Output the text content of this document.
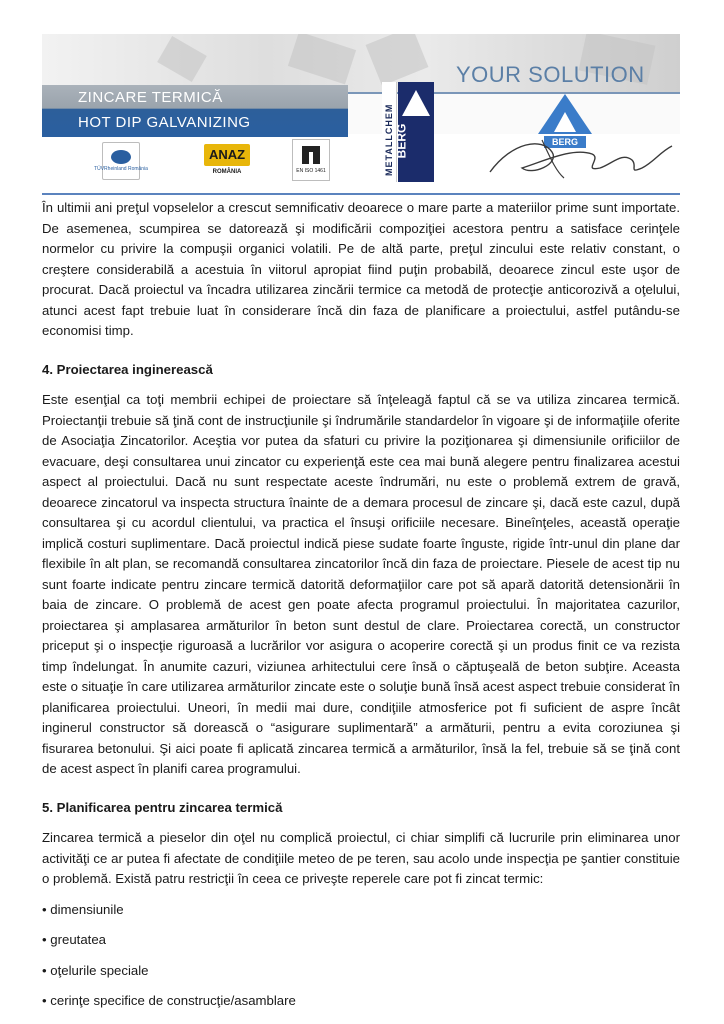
YOUR SOLUTION
ZINCARE TERMICĂ
HOT DIP GALVANIZING
TÜVRheinland România
ANAZ
ROMÂNIA	EN ISO 1461	METALLCHEM BERG	BERG

În ultimii ani preţul vopselelor a crescut semnificativ deoarece o mare parte a materiilor prime sunt importate. De asemenea, scumpirea se datorează şi modificării compoziţiei acestora pentru a satisface cerinţele normelor cu privire la compuşii organici volatili. Pe de altă parte, preţul zincului este relativ constant, o creştere considerabilă a acestuia în viitorul apropiat fiind puţin probabilă, deoarece zincul este uşor de procurat. Dacă proiectul va încadra utilizarea zincării termice ca metodă de protecţie anticorozivă a oţelului, atunci acest fapt trebuie luat în considerare încă din faza de planificare a proiectului, astfel putându-se economisi timp.

4. Proiectarea inginerească

Este esenţial ca toţi membrii echipei de proiectare să înţeleagă faptul că se va utiliza zincarea termică. Proiectanţii trebuie să ţină cont de instrucţiunile şi îndrumările standardelor în vigoare şi de informaţiile oferite de Asociaţia Zincatorilor. Aceştia vor putea da sfaturi cu privire la poziţionarea şi dimensiunile orificiilor de evacuare, deşi consultarea unui zincator cu experienţă este cea mai bună alegere pentru finalizarea acestui aspect al proiectului. Dacă nu sunt respectate aceste îndrumări, nu este o problemă extrem de gravă, deoarece zincatorul va inspecta structura înainte de a demara procesul de zincare şi, dacă este cazul, după consultarea şi cu acordul clientului, va practica el însuşi orificiile necesare. Bineînţeles, această operaţie implică costuri suplimentare. Dacă proiectul indică piese sudate foarte înguste, rigide într-unul din plane dar flexibile în alt plan, se recomandă consultarea zincatorilor încă din faza de proiectare. Piesele de acest tip nu sunt foarte indicate pentru zincare termică datorită deformaţiilor care pot să apară datorită detensionării în baia de zincare. O problemă de acest gen poate afecta programul proiectului. În majoritatea cazurilor, proiectarea şi amplasarea armăturilor în beton sunt destul de clare. Proiectarea corectă, un constructor priceput şi o inspecţie riguroasă a lucrărilor vor asigura o acoperire corectă şi un produs finit ce va rezista timp îndelungat. În anumite cazuri, viziunea arhitectului cere însă o căptuşeală de beton subţire. Aceasta este o situaţie în care utilizarea armăturilor zincate este o soluţie bună însă acest aspect trebuie considerat în planificarea proiectului. Uneori, în medii mai dure, condiţiile atmosferice pot fi suficient de aspre încât inginerul constructor să dorească o “asigurare suplimentară” a armăturii, pentru a evita coroziunea şi fisurarea betonului. Şi aici poate fi aplicată zincarea termică a armăturilor, însă la fel, trebuie să se ţină cont de acest aspect în planifi carea programului.

5. Planificarea pentru zincarea termică

Zincarea termică a pieselor din oţel nu complică proiectul, ci chiar simplifi că lucrurile prin eliminarea unor activităţi ce ar putea fi afectate de condiţiile meteo de pe teren, sau acolo unde inspecţia pe şantier constituie o problemă. Există patru restricţii în ceea ce priveşte reperele care pot fi zincat termic:

• dimensiunile

• greutatea

• oţelurile speciale

• cerinţe specifice de construcţie/asamblare
